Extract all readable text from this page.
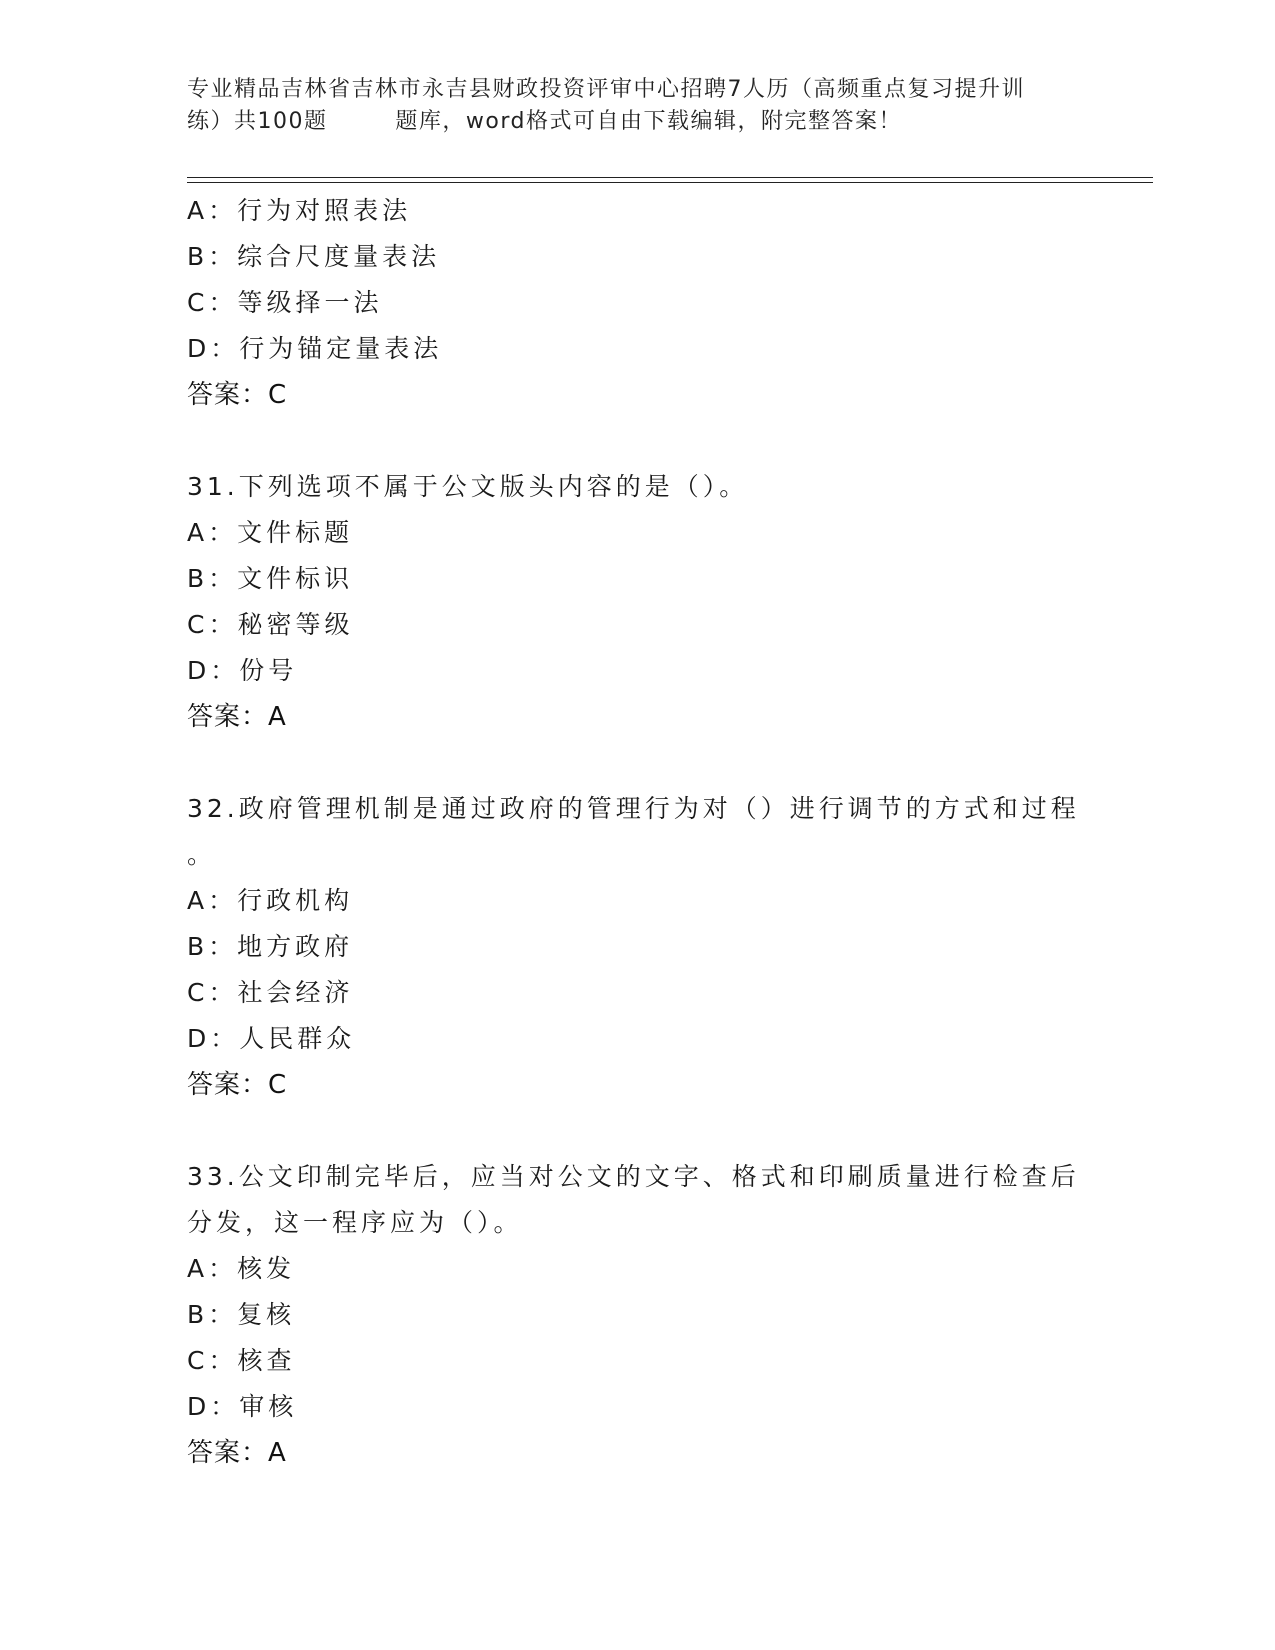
专业精品吉林省吉林市永吉县财政投资评审中心招聘7人历（高频重点复习提升训
练）共100题        题库，word格式可自由下载编辑，附完整答案！
A：行为对照表法
B：综合尺度量表法
C：等级择一法
D：行为锚定量表法
答案：C
31.下列选项不属于公文版头内容的是（）。
A：文件标题
B：文件标识
C：秘密等级
D：份号
答案：A
32.政府管理机制是通过政府的管理行为对（）进行调节的方式和过程
。
A：行政机构
B：地方政府
C：社会经济
D：人民群众
答案：C
33.公文印制完毕后，应当对公文的文字、格式和印刷质量进行检查后
分发，这一程序应为（）。
A：核发
B：复核
C：核查
D：审核
答案：A
